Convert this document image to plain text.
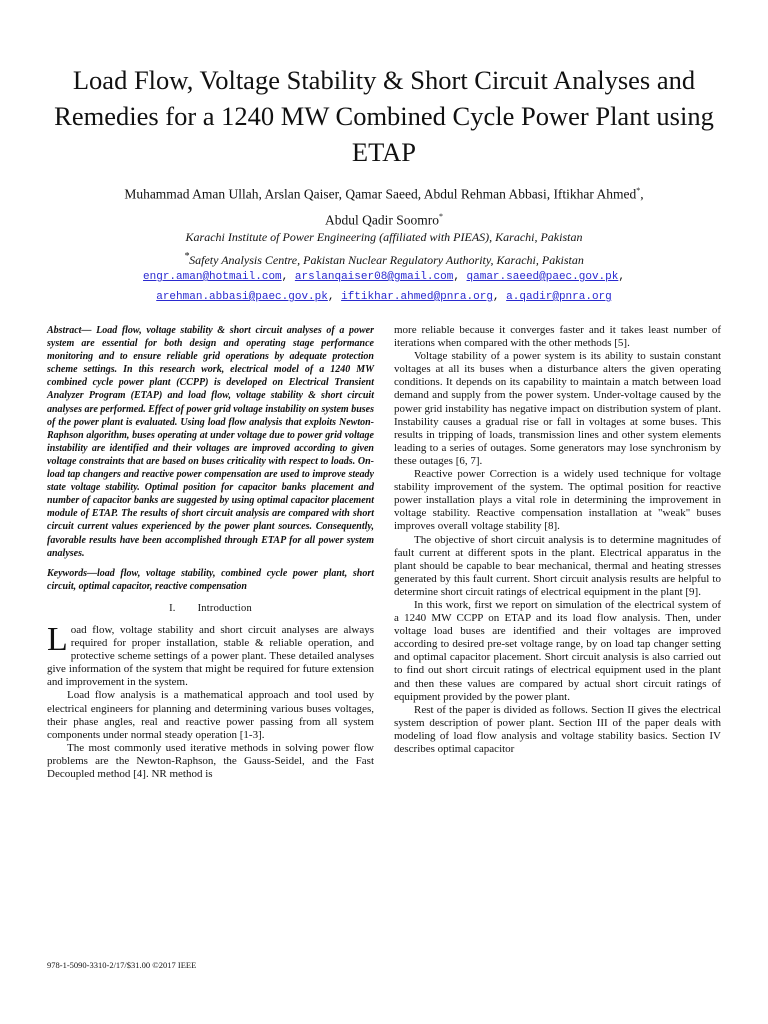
Load Flow, Voltage Stability & Short Circuit Analyses and Remedies for a 1240 MW Combined Cycle Power Plant using ETAP
Muhammad Aman Ullah, Arslan Qaiser, Qamar Saeed, Abdul Rehman Abbasi, Iftikhar Ahmed*,
Abdul Qadir Soomro*
Karachi Institute of Power Engineering (affiliated with PIEAS), Karachi, Pakistan
*Safety Analysis Centre, Pakistan Nuclear Regulatory Authority, Karachi, Pakistan
engr.aman@hotmail.com, arslanqaiser08@gmail.com, qamar.saeed@paec.gov.pk,
arehman.abbasi@paec.gov.pk, iftikhar.ahmed@pnra.org, a.qadir@pnra.org

Abstract— Load flow, voltage stability & short circuit analyses of a power system are essential for both design and operating stage performance monitoring and to ensure reliable grid operations by adequate protection scheme settings. In this research work, electrical model of a 1240 MW combined cycle power plant (CCPP) is developed on Electrical Transient Analyzer Program (ETAP) and load flow, voltage stability & short circuit analyses are performed. Effect of power grid voltage instability on system buses of the power plant is evaluated. Using load flow analysis that exploits Newton-Raphson algorithm, buses operating at under voltage due to power grid voltage instability are identified and their voltages are improved according to given voltage constraints that are based on buses criticality with respect to loads. On-load tap changers and reactive power compensation are used to improve steady state voltage stability. Optimal position for capacitor banks placement and number of capacitor banks are suggested by using optimal capacitor placement module of ETAP. The results of short circuit analysis are compared with short circuit current values experienced by the power plant sources. Consequently, favorable results have been accomplished through ETAP for all power system analyses.

Keywords—load flow, voltage stability, combined cycle power plant, short circuit, optimal capacitor, reactive compensation

I. Introduction

Load flow, voltage stability and short circuit analyses are always required for proper installation, stable & reliable operation, and protective scheme settings of a power plant. These detailed analyses give information of the system that might be required for future extension and improvement in the system.

Load flow analysis is a mathematical approach and tool used by electrical engineers for planning and determining various buses voltages, their phase angles, real and reactive power passing from all system components under normal steady operation [1-3].

The most commonly used iterative methods in solving power flow problems are the Newton-Raphson, the Gauss-Seidel, and the Fast Decoupled method [4]. NR method is

more reliable because it converges faster and it takes least number of iterations when compared with the other methods [5].

Voltage stability of a power system is its ability to sustain constant voltages at all its buses when a disturbance alters the given operating conditions. It depends on its capability to maintain a match between load demand and supply from the power system. Under-voltage caused by the power grid instability has negative impact on distribution system of plant. Instability causes a gradual rise or fall in voltages at some buses. This results in tripping of loads, transmission lines and other system elements leading to a series of outages. Some generators may lose synchronism by these outages [6, 7].

Reactive power Correction is a widely used technique for voltage stability improvement of the system. The optimal position for reactive power installation plays a vital role in determining the improvement in voltage stability. Reactive compensation installation at "weak" buses improves overall voltage stability [8].

The objective of short circuit analysis is to determine magnitudes of fault current at different spots in the plant. Electrical apparatus in the plant should be capable to bear mechanical, thermal and heating stresses generated by this fault current. Short circuit analysis results are helpful to determine short circuit ratings of electrical equipment in the plant [9].

In this work, first we report on simulation of the electrical system of a 1240 MW CCPP on ETAP and its load flow analysis. Then, under voltage load buses are identified and their voltages are improved according to desired pre-set voltage range, by on load tap changer setting and optimal capacitor placement. Short circuit analysis is also carried out to find out short circuit ratings of electrical equipment used in the plant and then these values are compared by actual short circuit ratings of equipment provided by the power plant.

Rest of the paper is divided as follows. Section II gives the electrical system description of power plant. Section III of the paper deals with modeling of load flow analysis and voltage stability basics. Section IV describes optimal capacitor

978-1-5090-3310-2/17/$31.00 ©2017 IEEE
